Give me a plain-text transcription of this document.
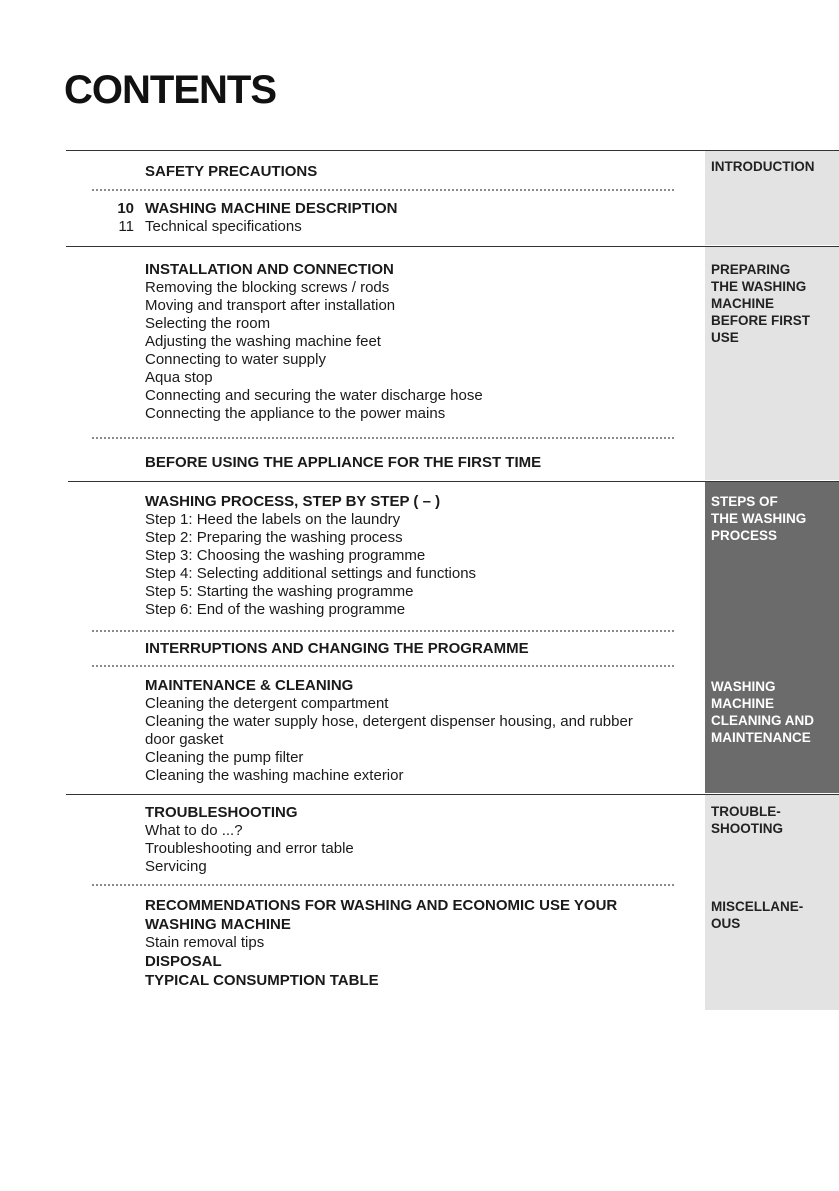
CONTENTS
INTRODUCTION
PREPARING
THE WASHING
MACHINE
BEFORE FIRST
USE
STEPS OF
THE WASHING
PROCESS
WASHING
MACHINE
CLEANING AND
MAINTENANCE
TROUBLE-
SHOOTING
MISCELLANE-
OUS
SAFETY PRECAUTIONS
10 WASHING MACHINE DESCRIPTION
11 Technical specifications
INSTALLATION AND CONNECTION
Removing the blocking screws / rods
Moving and transport after installation
Selecting the room
Adjusting the washing machine feet
Connecting to water supply
Aqua stop
Connecting and securing the water discharge hose
Connecting the appliance to the power mains
BEFORE USING THE APPLIANCE FOR THE FIRST TIME
WASHING PROCESS, STEP BY STEP ( – )
Step 1: Heed the labels on the laundry
Step 2: Preparing the washing process
Step 3: Choosing the washing programme
Step 4: Selecting additional settings and functions
Step 5: Starting the washing programme
Step 6: End of the washing programme
INTERRUPTIONS AND CHANGING THE PROGRAMME
MAINTENANCE & CLEANING
Cleaning the detergent compartment
Cleaning the water supply hose, detergent dispenser housing, and rubber
door gasket
Cleaning the pump filter
Cleaning the washing machine exterior
TROUBLESHOOTING
What to do ...?
Troubleshooting and error table
Servicing
RECOMMENDATIONS FOR WASHING AND ECONOMIC USE YOUR
WASHING MACHINE
Stain removal tips
DISPOSAL
TYPICAL CONSUMPTION TABLE
